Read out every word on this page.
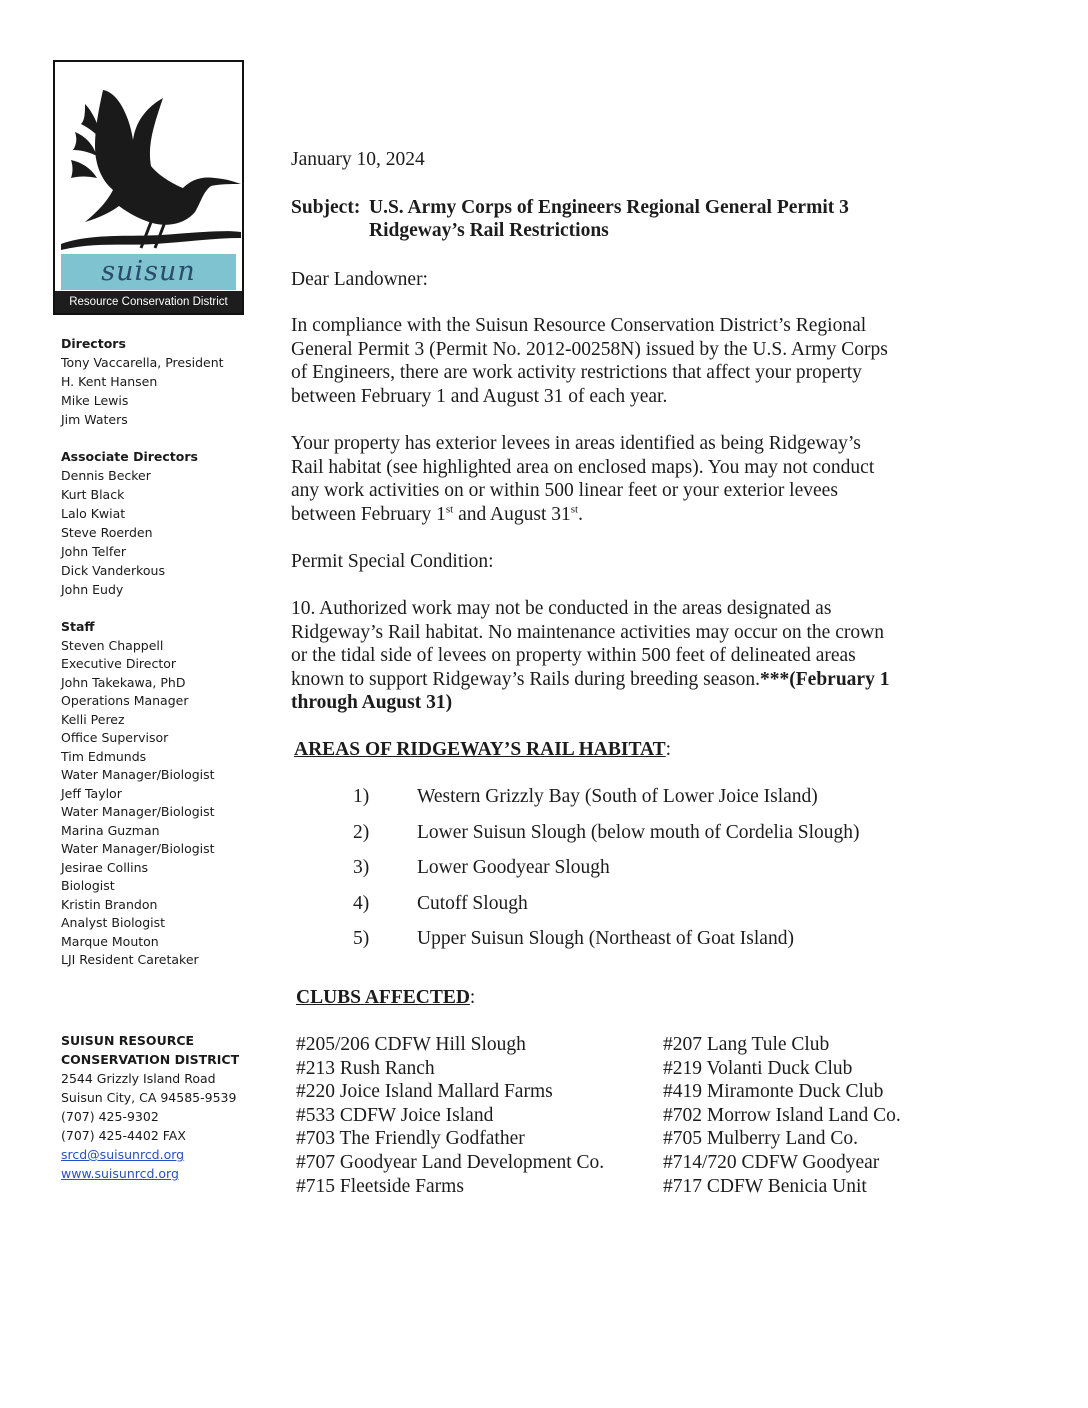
suisun
Resource Conservation District
Directors
Tony Vaccarella, President
H. Kent Hansen
Mike Lewis
Jim Waters
Associate Directors
Dennis Becker
Kurt Black
Lalo Kwiat
Steve Roerden
John Telfer
Dick Vanderkous
John Eudy
Staff
Steven Chappell
Executive Director
John Takekawa, PhD
Operations Manager
Kelli Perez
Office Supervisor
Tim Edmunds
Water Manager/Biologist
Jeff Taylor
Water Manager/Biologist
Marina Guzman
Water Manager/Biologist
Jesirae Collins
Biologist
Kristin Brandon
Analyst Biologist
Marque Mouton
LJI Resident Caretaker
SUISUN RESOURCE
CONSERVATION DISTRICT
2544 Grizzly Island Road
Suisun City, CA 94585-9539
(707) 425-9302
(707) 425-4402 FAX
srcd@suisunrcd.org
www.suisunrcd.org
January 10, 2024
Subject: U.S. Army Corps of Engineers Regional General Permit 3
Ridgeway’s Rail Restrictions
Dear Landowner:
In compliance with the Suisun Resource Conservation District’s Regional
General Permit 3 (Permit No. 2012-00258N) issued by the U.S. Army Corps
of Engineers, there are work activity restrictions that affect your property
between February 1 and August 31 of each year.
Your property has exterior levees in areas identified as being Ridgeway’s
Rail habitat (see highlighted area on enclosed maps). You may not conduct
any work activities on or within 500 linear feet or your exterior levees
between February 1st and August 31st.
Permit Special Condition:
10. Authorized work may not be conducted in the areas designated as
Ridgeway’s Rail habitat. No maintenance activities may occur on the crown
or the tidal side of levees on property within 500 feet of delineated areas
known to support Ridgeway’s Rails during breeding season.***(February 1
through August 31)
AREAS OF RIDGEWAY’S RAIL HABITAT:
1) Western Grizzly Bay (South of Lower Joice Island)
2) Lower Suisun Slough (below mouth of Cordelia Slough)
3) Lower Goodyear Slough
4) Cutoff Slough
5) Upper Suisun Slough (Northeast of Goat Island)
CLUBS AFFECTED:
#205/206 CDFW Hill Slough
#213 Rush Ranch
#220 Joice Island Mallard Farms
#533 CDFW Joice Island
#703 The Friendly Godfather
#707 Goodyear Land Development Co.
#715 Fleetside Farms
#207 Lang Tule Club
#219 Volanti Duck Club
#419 Miramonte Duck Club
#702 Morrow Island Land Co.
#705 Mulberry Land Co.
#714/720 CDFW Goodyear
#717 CDFW Benicia Unit
